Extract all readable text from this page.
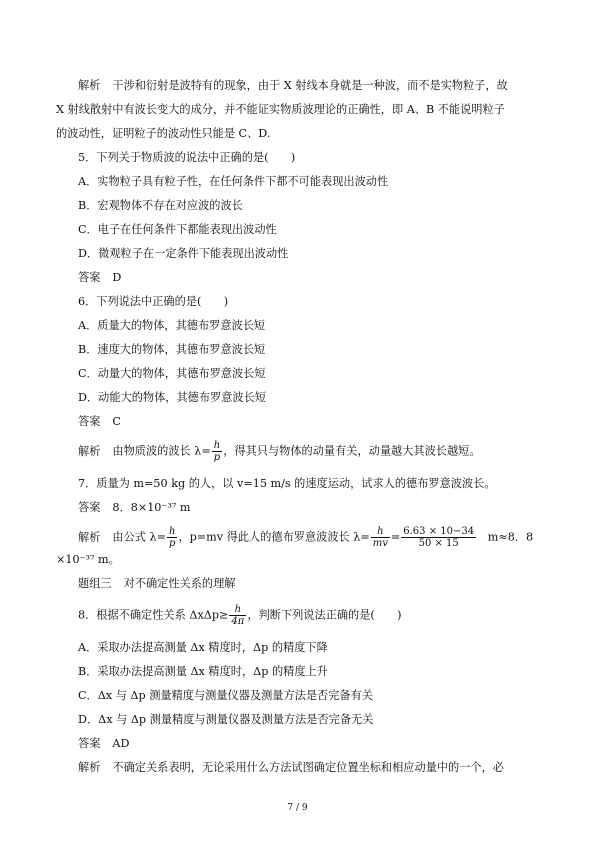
解析 干涉和衍射是波特有的现象，由于 X 射线本身就是一种波，而不是实物粒子，故
X 射线散射中有波长变大的成分，并不能证实物质波理论的正确性，即 A、B 不能说明粒子
的波动性，证明粒子的波动性只能是 C、D.
5．下列关于物质波的说法中正确的是(　　)
A．实物粒子具有粒子性，在任何条件下都不可能表现出波动性
B．宏观物体不存在对应波的波长
C．电子在任何条件下都能表现出波动性
D．微观粒子在一定条件下能表现出波动性
答案 D
6．下列说法中正确的是(　　)
A．质量大的物体，其德布罗意波长短
B．速度大的物体，其德布罗意波长短
C．动量大的物体，其德布罗意波长短
D．动能大的物体，其德布罗意波长短
答案 C
解析 由物质波的波长 $\lambda= \frac{h}{p}$ ，得其只与物体的动量有关，动量越大其波长越短。
7．质量为 m=50 kg 的人，以 v=15 m/s 的速度运动，试求人的德布罗意波波长。
答案 8．8×10⁻³⁷ m
解析 由公式 $\lambda= \frac{h}{p}$ ，p=mv 得此人的德布罗意波波长 $\lambda= \frac{h}{mv} = \frac{6.63 \times 10-34}{50 \times 15} m\approx 8$．8
×10⁻³⁷ m。
题组三 对不确定性关系的理解
8．根据不确定性关系 $\Delta x\Delta p\ge \frac{h}{4\pi}$ ，判断下列说法正确的是(　　)
A．采取办法提高测量 Δx 精度时，Δp 的精度下降
B．采取办法提高测量 Δx 精度时，Δp 的精度上升
C．Δx 与 Δp 测量精度与测量仪器及测量方法是否完备有关
D．Δx 与 Δp 测量精度与测量仪器及测量方法是否完备无关
答案 AD
解析 不确定关系表明，无论采用什么方法试图确定位置坐标和相应动量中的一个，必
7 / 9
